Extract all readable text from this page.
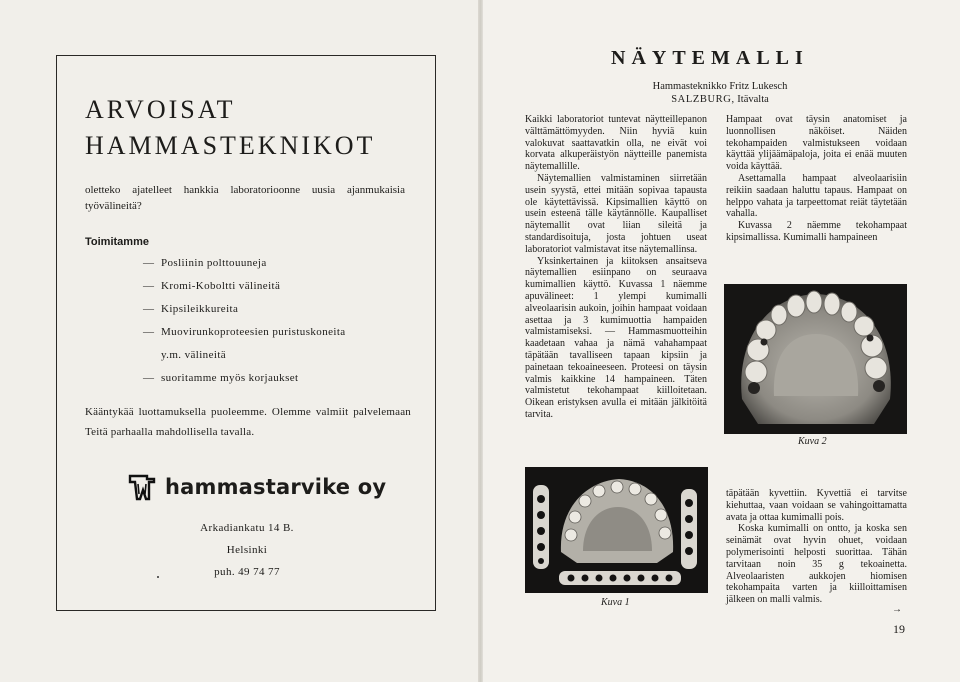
ARVOISAT
HAMMASTEKNIKOT

oletteko ajatelleet hankkia laboratorioonne uusia ajanmukaisia työvälineitä?

Toimitamme
— Posliinin polttouuneja
— Kromi-Koboltti välineitä
— Kipsileikkureita
— Muovirunkoproteesien puristuskoneita
y.m. välineitä
— suoritamme myös korjaukset

Kääntykää luottamuksella puoleemme. Olemme valmiit palvelemaan Teitä parhaalla mahdollisella tavalla.

hammastarvike oy
Arkadiankatu 14 B.
Helsinki
puh. 49 74 77
NÄYTEMALLI
Hammasteknikko Fritz Lukesch
SALZBURG, Itävalta

Kaikki laboratoriot tuntevat näytteillepanon välttämättömyyden. Niin hyviä kuin valokuvat saattavatkin olla, ne eivät voi korvata alkuperäistyön näytteille panemista näytemallille.

Näytemallien valmistaminen siirretään usein syystä, ettei mitään sopivaa tapausta ole käytettävissä. Kipsimallien käyttö on usein esteenä tälle käytännölle. Kaupalliset näytemallit ovat liian sileitä ja standardisoituja, josta johtuen useat laboratoriot valmistavat itse näytemallinsa.

Yksinkertainen ja kiitoksen ansaitseva näytemallien esiinpano on seuraava kumimallien käyttö. Kuvassa 1 näemme apuvälineet: 1 ylempi kumimalli alveolaarisin aukoin, joihin hampaat voidaan asettaa ja 3 kumimuottia hampaiden valmistamiseksi. — Hammasmuotteihin kaadetaan vahaa ja nämä vahahampaat täpätään tavalliseen tapaan kipsiin ja painetaan tekoaineeseen. Proteesi on täysin valmis kaikkine 14 hampaineen. Täten valmistetut tekohampaat kiilloitetaan. Oikean eristyksen avulla ei mitään jälkitöitä tarvita.

Hampaat ovat täysin anatomiset ja luonnollisen näköiset. Näiden tekohampaiden valmistukseen voidaan käyttää ylijäämäpaloja, joita ei enää muuten voida käyttää.

Asettamalla hampaat alveolaarisiin reikiin saadaan haluttu tapaus. Hampaat on helppo vahata ja tarpeettomat reiät täytetään vahalla.

Kuvassa 2 näemme tekohampaat kipsimallissa. Kumimalli hampaineen

Kuva 2
Kuva 1

täpätään kyvettiin. Kyvettiä ei tarvitse kiehuttaa, vaan voidaan se vahingoittamatta avata ja ottaa kumimalli pois.

Koska kumimalli on ontto, ja koska sen seinämät ovat hyvin ohuet, voidaan polymerisointi helposti suorittaa. Tähän tarvitaan noin 35 g tekoainetta. Alveolaaristen aukkojen hiomisen tekohampaita varten ja kiilloittamisen jälkeen on malli valmis.

→
19
